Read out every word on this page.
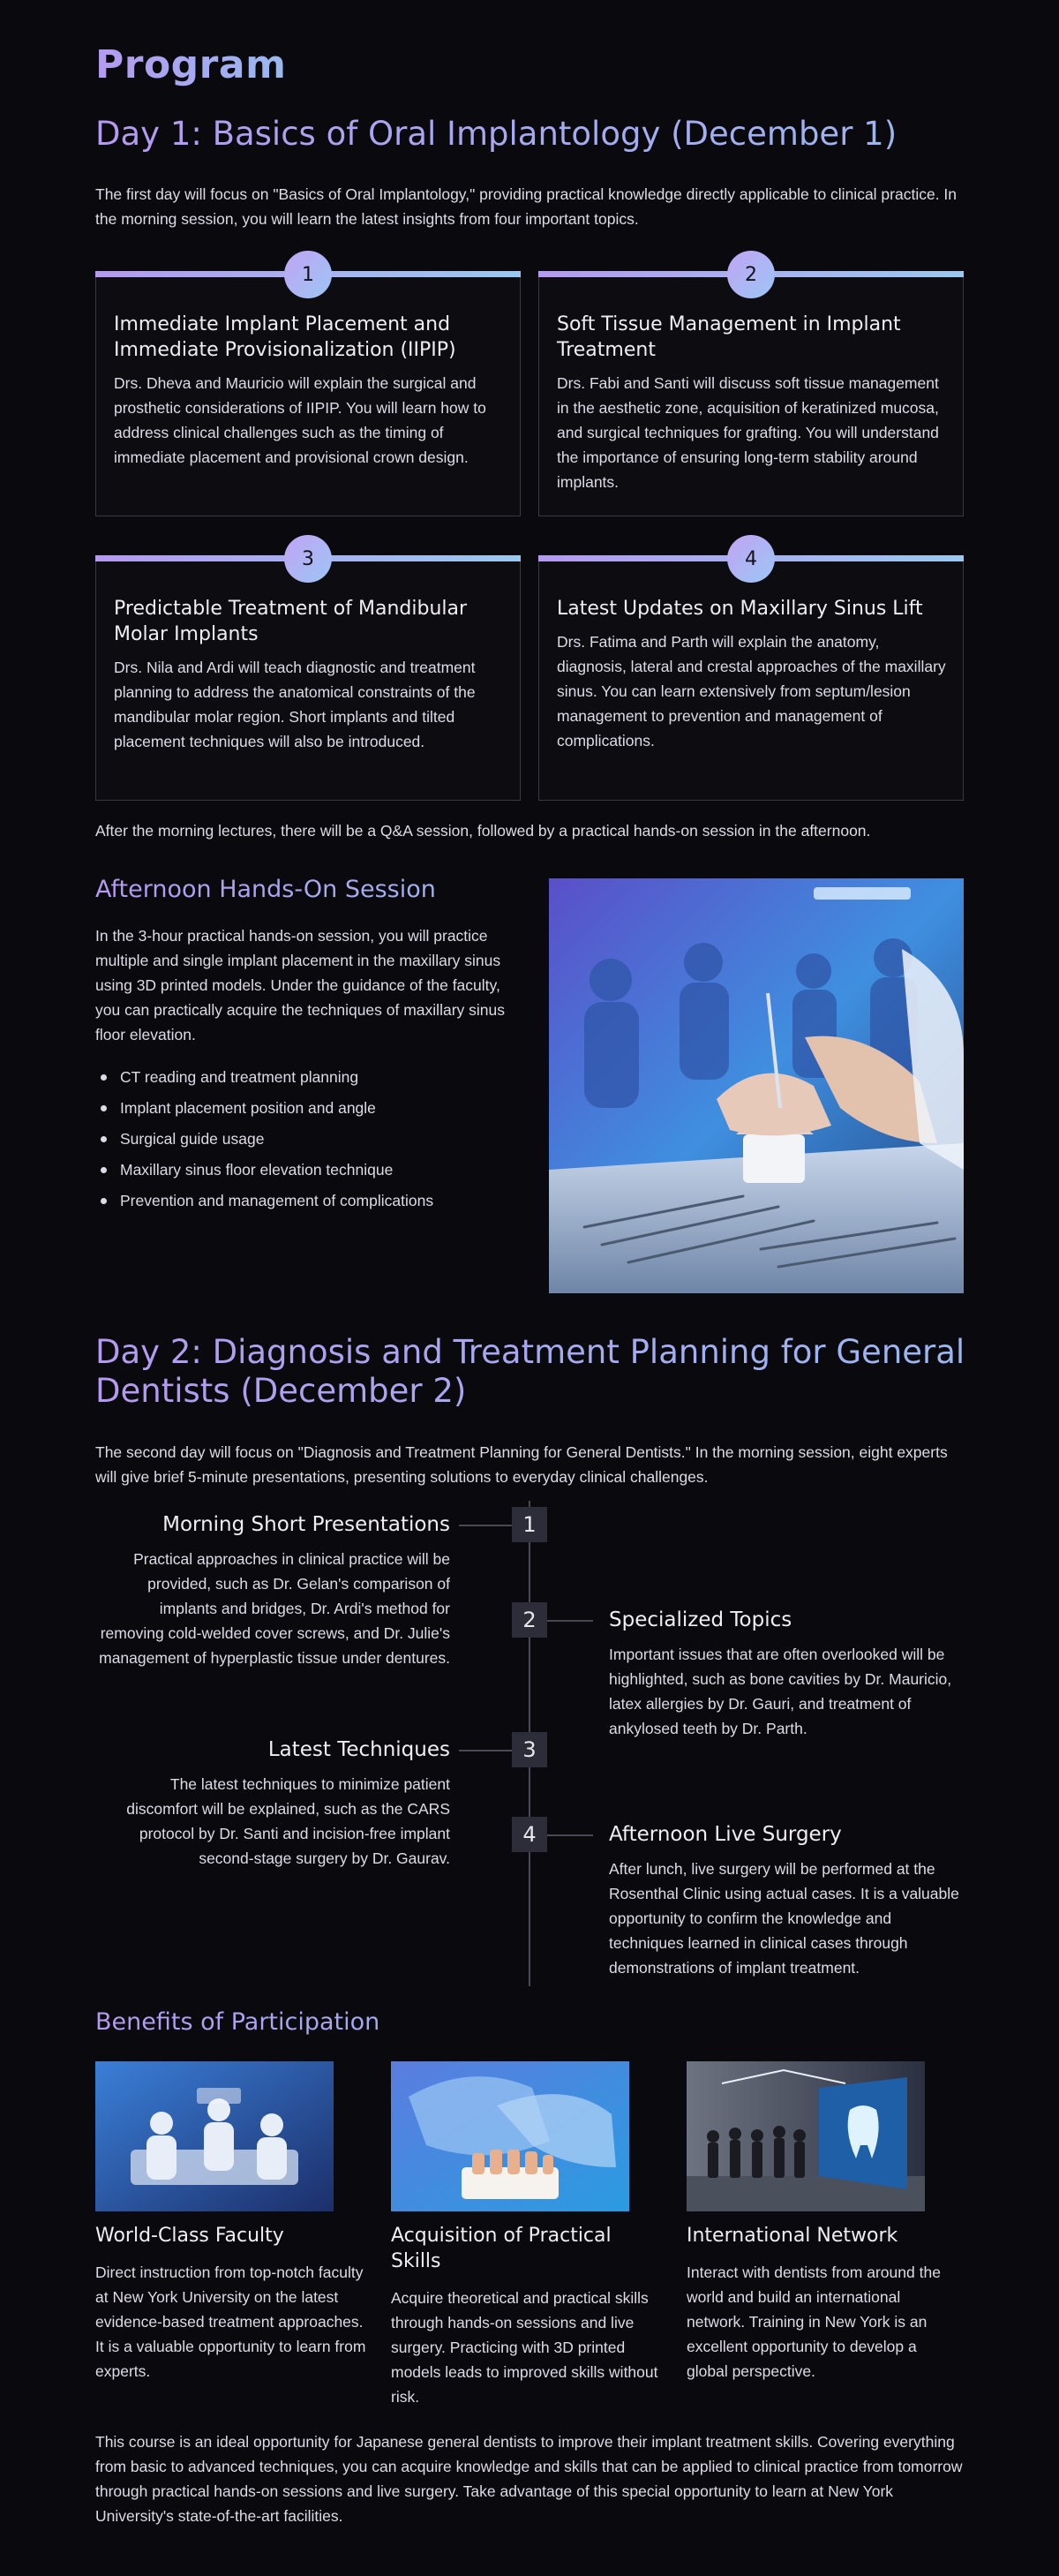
Program
Day 1: Basics of Oral Implantology (December 1)

The first day will focus on "Basics of Oral Implantology," providing practical knowledge directly applicable to clinical practice. In the morning session, you will learn the latest insights from four important topics.

1
Immediate Implant Placement and Immediate Provisionalization (IIPIP)
Drs. Dheva and Mauricio will explain the surgical and prosthetic considerations of IIPIP. You will learn how to address clinical challenges such as the timing of immediate placement and provisional crown design.
2
Soft Tissue Management in Implant Treatment
Drs. Fabi and Santi will discuss soft tissue management in the aesthetic zone, acquisition of keratinized mucosa, and surgical techniques for grafting. You will understand the importance of ensuring long-term stability around implants.
3
Predictable Treatment of Mandibular Molar Implants
Drs. Nila and Ardi will teach diagnostic and treatment planning to address the anatomical constraints of the mandibular molar region. Short implants and tilted placement techniques will also be introduced.
4
Latest Updates on Maxillary Sinus Lift
Drs. Fatima and Parth will explain the anatomy, diagnosis, lateral and crestal approaches of the maxillary sinus. You can learn extensively from septum/lesion management to prevention and management of complications.

After the morning lectures, there will be a Q&A session, followed by a practical hands-on session in the afternoon.

Afternoon Hands-On Session

In the 3-hour practical hands-on session, you will practice multiple and single implant placement in the maxillary sinus using 3D printed models. Under the guidance of the faculty, you can practically acquire the techniques of maxillary sinus floor elevation.

CT reading and treatment planning
Implant placement position and angle
Surgical guide usage
Maxillary sinus floor elevation technique
Prevention and management of complications
Day 2: Diagnosis and Treatment Planning for General Dentists (December 2)

The second day will focus on "Diagnosis and Treatment Planning for General Dentists." In the morning session, eight experts will give brief 5-minute presentations, presenting solutions to everyday clinical challenges.

1
Morning Short Presentations
Practical approaches in clinical practice will be provided, such as Dr. Gelan's comparison of implants and bridges, Dr. Ardi's method for removing cold-welded cover screws, and Dr. Julie's management of hyperplastic tissue under dentures.
2	Specialized Topics
Important issues that are often overlooked will be highlighted, such as bone cavities by Dr. Mauricio, latex allergies by Dr. Gauri, and treatment of ankylosed teeth by Dr. Parth.
3
Latest Techniques
The latest techniques to minimize patient discomfort will be explained, such as the CARS protocol by Dr. Santi and incision-free implant second-stage surgery by Dr. Gaurav.
4	Afternoon Live Surgery
After lunch, live surgery will be performed at the Rosenthal Clinic using actual cases. It is a valuable opportunity to confirm the knowledge and techniques learned in clinical cases through demonstrations of implant treatment.
Benefits of Participation
World-Class Faculty
Direct instruction from top-notch faculty at New York University on the latest evidence-based treatment approaches. It is a valuable opportunity to learn from experts.
Acquisition of Practical Skills
Acquire theoretical and practical skills through hands-on sessions and live surgery. Practicing with 3D printed models leads to improved skills without risk.
International Network
Interact with dentists from around the world and build an international network. Training in New York is an excellent opportunity to develop a global perspective.

This course is an ideal opportunity for Japanese general dentists to improve their implant treatment skills. Covering everything from basic to advanced techniques, you can acquire knowledge and skills that can be applied to clinical practice from tomorrow through practical hands-on sessions and live surgery. Take advantage of this special opportunity to learn at New York University's state-of-the-art facilities.
